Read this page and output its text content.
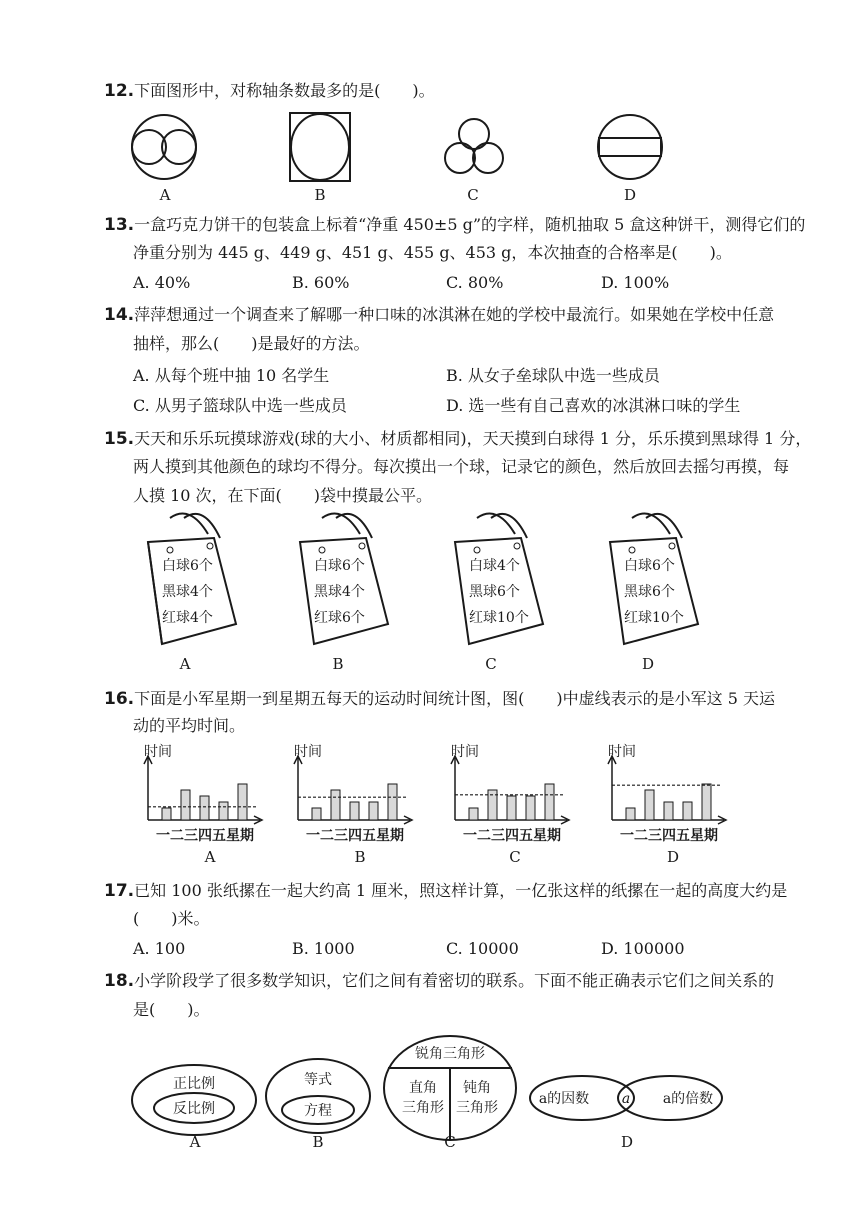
12.下面图形中，对称轴条数最多的是(　　)。
A	B	C	D
13.一盒巧克力饼干的包装盒上标着“净重 450±5 g”的字样，随机抽取 5 盒这种饼干，测得它们的
净重分别为 445 g、449 g、451 g、455 g、453 g，本次抽查的合格率是(　　)。
A. 40%	B. 60%	C. 80%	D. 100%
14.萍萍想通过一个调查来了解哪一种口味的冰淇淋在她的学校中最流行。如果她在学校中任意
抽样，那么(　　)是最好的方法。
A. 从每个班中抽 10 名学生	B. 从女子垒球队中选一些成员
C. 从男子篮球队中选一些成员	D. 选一些有自己喜欢的冰淇淋口味的学生
15.天天和乐乐玩摸球游戏(球的大小、材质都相同)，天天摸到白球得 1 分，乐乐摸到黑球得 1 分，
两人摸到其他颜色的球均不得分。每次摸出一个球，记录它的颜色，然后放回去摇匀再摸，每
人摸 10 次，在下面(　　)袋中摸最公平。
白球6个
黑球4个
红球4个
白球6个
黑球4个
红球6个
白球4个
黑球6个
红球10个
白球6个
黑球6个
红球10个
A	B	C	D
16.下面是小军星期一到星期五每天的运动时间统计图，图(　　)中虚线表示的是小军这 5 天运
动的平均时间。
时间
一二三四五星期
时间
一二三四五星期
时间
一二三四五星期
时间
一二三四五星期
A	B	C	D
17.已知 100 张纸摞在一起大约高 1 厘米，照这样计算，一亿张这样的纸摞在一起的高度大约是
(　　)米。
A. 100	B. 1000	C. 10000	D. 100000
18.小学阶段学了很多数学知识，它们之间有着密切的联系。下面不能正确表示它们之间关系的
是(　　)。
正比例
反比例
等式
方程
锐角三角形
直角
三角形
钝角
三角形
a的因数 a a的倍数
A	B	C	D
